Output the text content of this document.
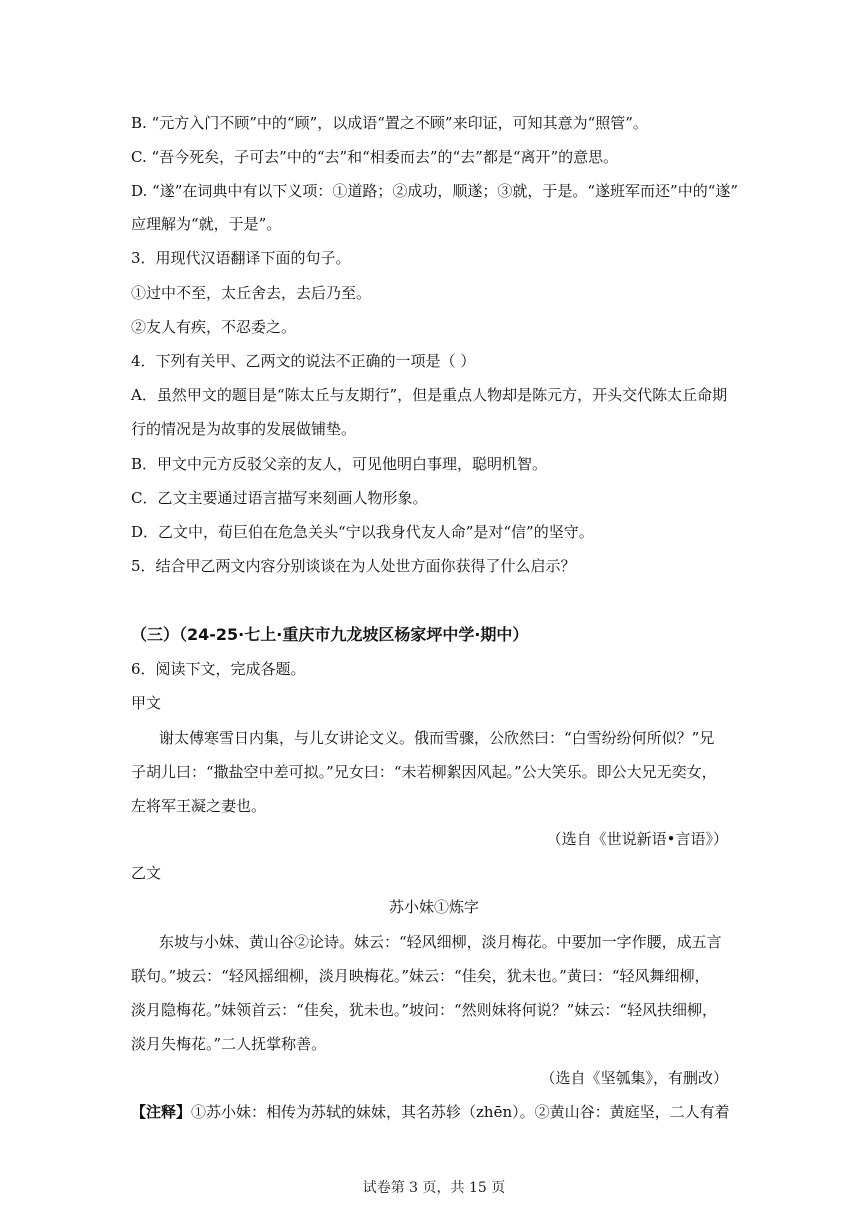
B. “元方入门不顾”中的“顾”，以成语“置之不顾”来印证，可知其意为“照管”。
C. “吾今死矣，子可去”中的“去”和“相委而去”的“去”都是“离开”的意思。
D. “遂”在词典中有以下义项：①道路；②成功，顺遂；③就，于是。“遂班军而还”中的“遂”
应理解为“就，于是”。
3．用现代汉语翻译下面的句子。
①过中不至，太丘舍去，去后乃至。
②友人有疾，不忍委之。
4．下列有关甲、乙两文的说法不正确的一项是（ ）
A．虽然甲文的题目是“陈太丘与友期行”，但是重点人物却是陈元方，开头交代陈太丘命期
行的情况是为故事的发展做铺垫。
B．甲文中元方反驳父亲的友人，可见他明白事理，聪明机智。
C．乙文主要通过语言描写来刻画人物形象。
D．乙文中，荀巨伯在危急关头“宁以我身代友人命”是对“信”的坚守。
5．结合甲乙两文内容分别谈谈在为人处世方面你获得了什么启示？
（三）（24-25·七上·重庆市九龙坡区杨家坪中学·期中）
6．阅读下文，完成各题。
甲文
谢太傅寒雪日内集，与儿女讲论文义。俄而雪骤，公欣然曰：“白雪纷纷何所似？”兄
子胡儿曰：“撒盐空中差可拟。”兄女曰：“未若柳絮因风起。”公大笑乐。即公大兄无奕女，
左将军王凝之妻也。
（选自《世说新语•言语》）
乙文
苏小妹①炼字
东坡与小妹、黄山谷②论诗。妹云：“轻风细柳，淡月梅花。中要加一字作腰，成五言
联句。”坡云：“轻风摇细柳，淡月映梅花。”妹云：“佳矣，犹未也。”黄曰：“轻风舞细柳，
淡月隐梅花。”妹领首云：“佳矣，犹未也。”坡问：“然则妹将何说？”妹云：“轻风扶细柳，
淡月失梅花。”二人抚掌称善。
（选自《坚瓠集》，有删改）
【注释】①苏小妹：相传为苏轼的妹妹，其名苏轸（zhēn）。②黄山谷：黄庭坚，二人有着
试卷第 3 页，共 15 页
